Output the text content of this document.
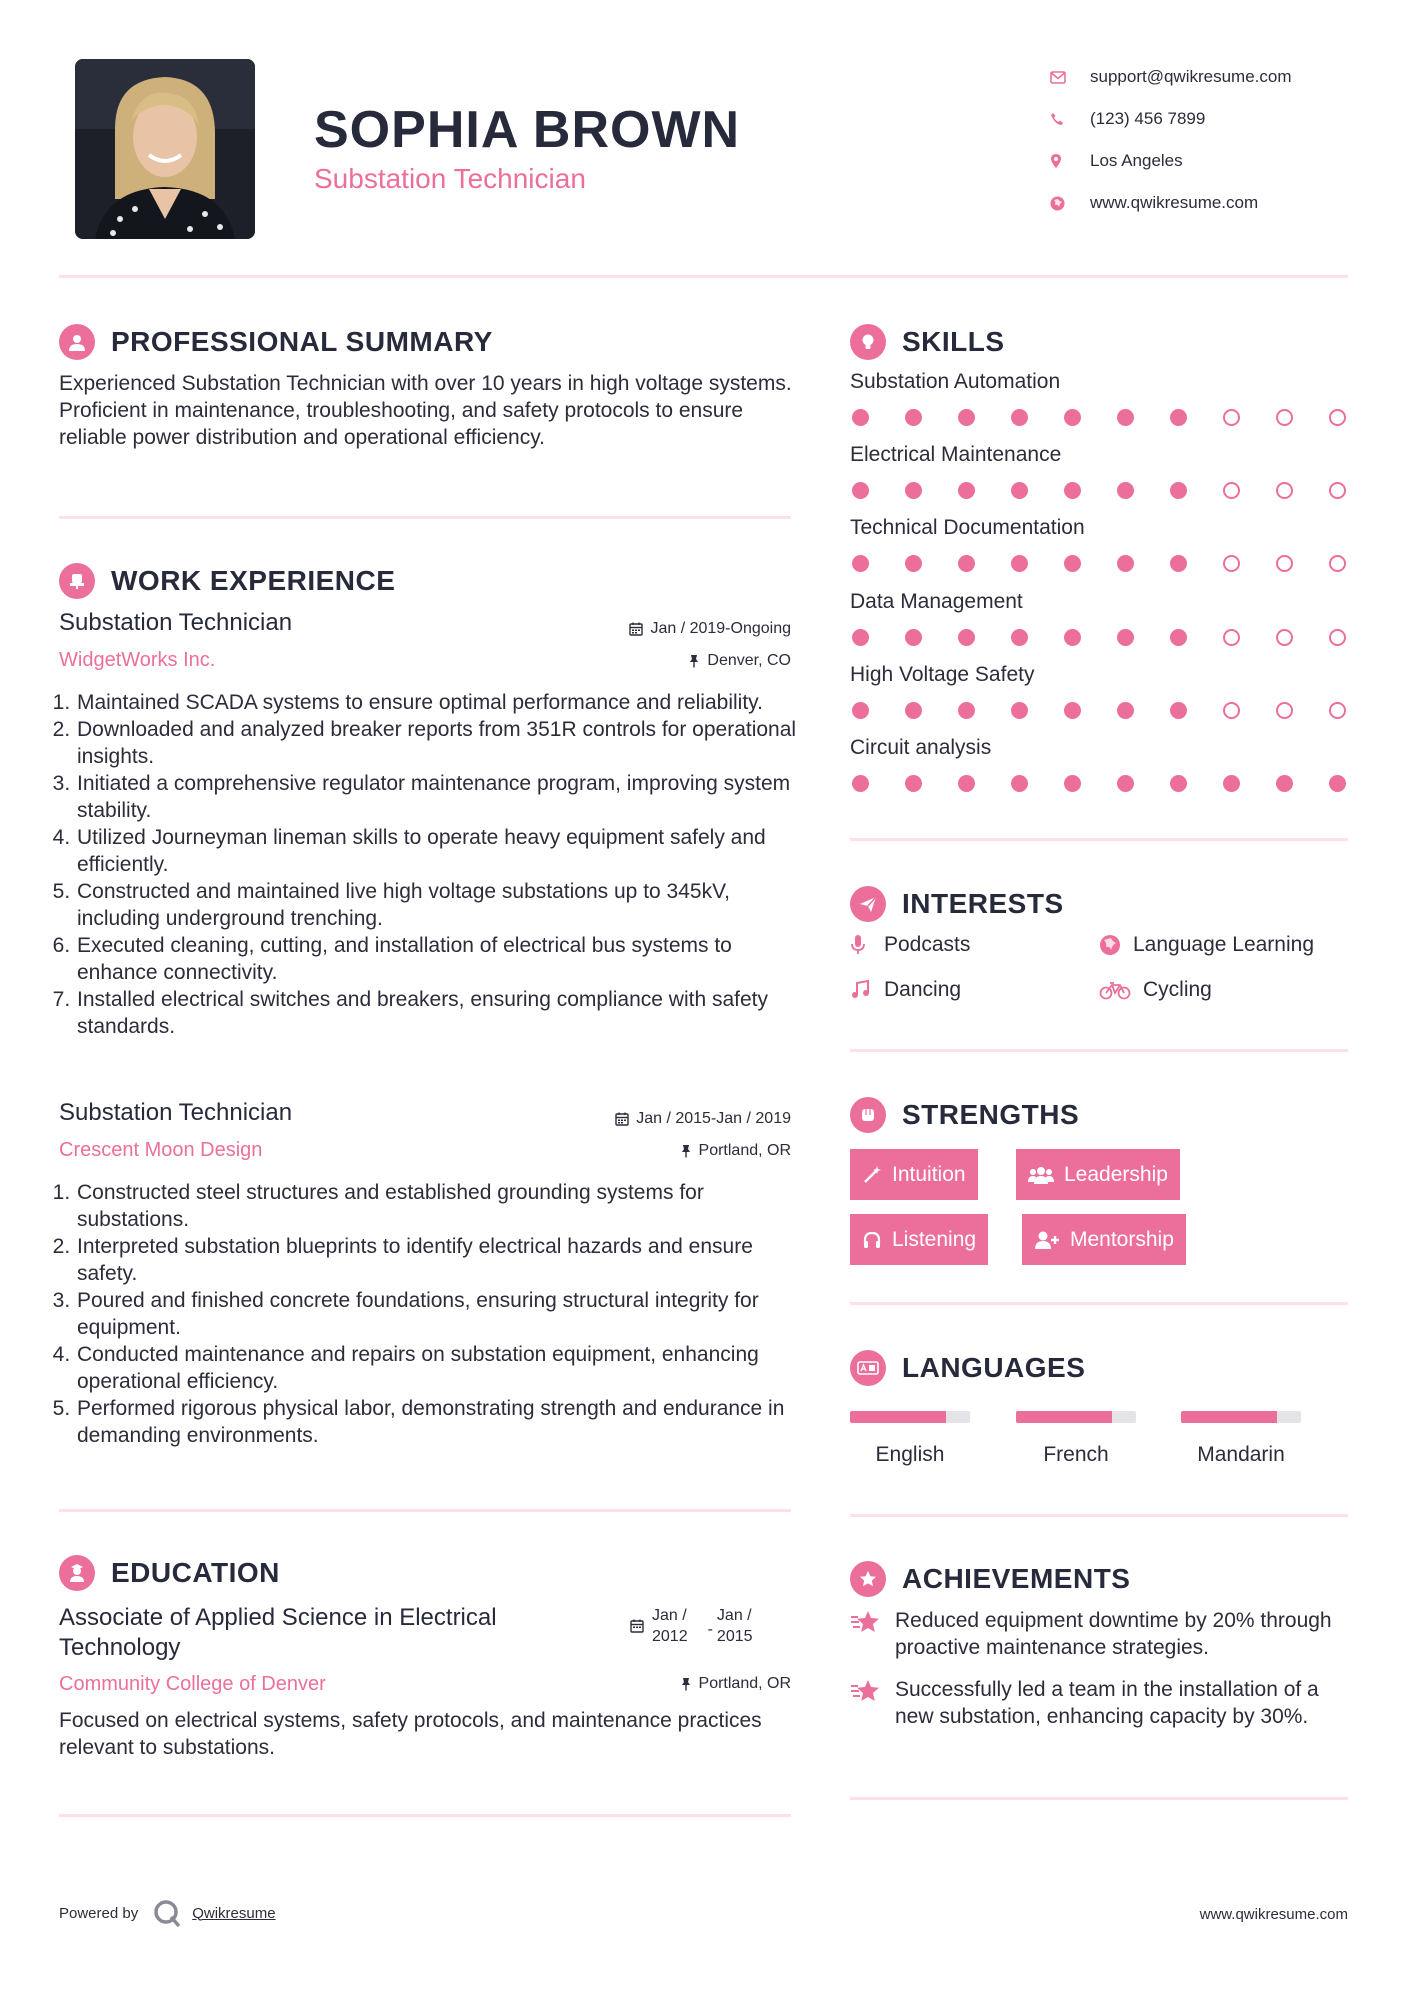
SOPHIA BROWN
Substation Technician
support@qwikresume.com
(123) 456 7899
Los Angeles
www.qwikresume.com
PROFESSIONAL SUMMARY
Experienced Substation Technician with over 10 years in high voltage systems. Proficient in maintenance, troubleshooting, and safety protocols to ensure reliable power distribution and operational efficiency.
WORK EXPERIENCE
Substation Technician
WidgetWorks Inc.
Jan / 2019-Ongoing
Denver, CO
1. Maintained SCADA systems to ensure optimal performance and reliability.
2. Downloaded and analyzed breaker reports from 351R controls for operational insights.
3. Initiated a comprehensive regulator maintenance program, improving system stability.
4. Utilized Journeyman lineman skills to operate heavy equipment safely and efficiently.
5. Constructed and maintained live high voltage substations up to 345kV, including underground trenching.
6. Executed cleaning, cutting, and installation of electrical bus systems to enhance connectivity.
7. Installed electrical switches and breakers, ensuring compliance with safety standards.
Substation Technician
Crescent Moon Design
Jan / 2015-Jan / 2019
Portland, OR
1. Constructed steel structures and established grounding systems for substations.
2. Interpreted substation blueprints to identify electrical hazards and ensure safety.
3. Poured and finished concrete foundations, ensuring structural integrity for equipment.
4. Conducted maintenance and repairs on substation equipment, enhancing operational efficiency.
5. Performed rigorous physical labor, demonstrating strength and endurance in demanding environments.
EDUCATION
Associate of Applied Science in Electrical Technology
Community College of Denver
Jan /
2012 -
Jan /
2015
Portland, OR
Focused on electrical systems, safety protocols, and maintenance practices relevant to substations.
SKILLS
Substation Automation
Electrical Maintenance
Technical Documentation
Data Management
High Voltage Safety
Circuit analysis
INTERESTS
Podcasts	Language Learning
Dancing	Cycling
STRENGTHS
Intuition	Leadership
Listening	Mentorship
LANGUAGES
English	French	Mandarin
ACHIEVEMENTS
Reduced equipment downtime by 20% through proactive maintenance strategies.
Successfully led a team in the installation of a new substation, enhancing capacity by 30%.
Powered by	Qwikresume	www.qwikresume.com
